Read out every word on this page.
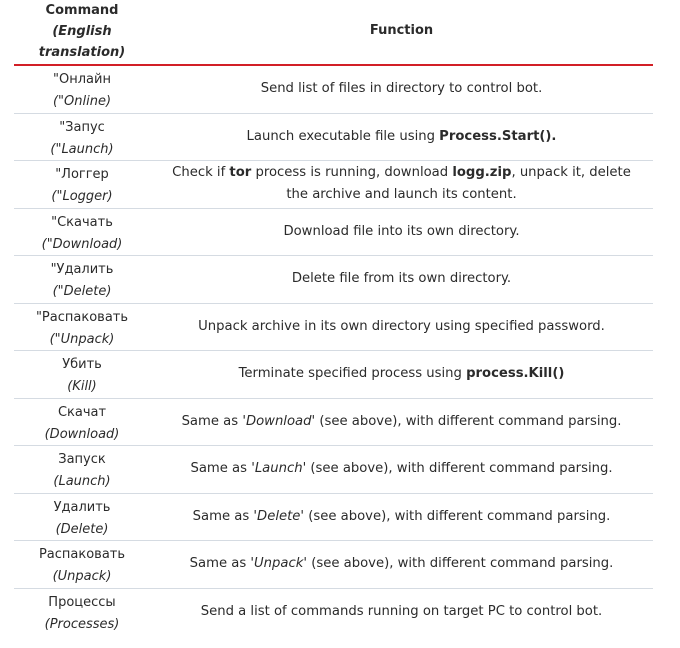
Command
(English
translation)
Function
"Онлайн
("Online)
Send list of files in directory to control bot.
"Запус
("Launch)
Launch executable file using Process.Start().
"Логгер
("Logger)
Check if tor process is running, download logg.zip, unpack it, delete the archive and launch its content.
"Скачать
("Download)
Download file into its own directory.
"Удалить
("Delete)
Delete file from its own directory.
"Распаковать
("Unpack)
Unpack archive in its own directory using specified password.
Убить
(Kill)
Terminate specified process using process.Kill()
Скачат
(Download)
Same as 'Download' (see above), with different command parsing.
Запуск
(Launch)
Same as 'Launch' (see above), with different command parsing.
Удалить
(Delete)
Same as 'Delete' (see above), with different command parsing.
Распаковать
(Unpack)
Same as 'Unpack' (see above), with different command parsing.
Процессы
(Processes)
Send a list of commands running on target PC to control bot.
